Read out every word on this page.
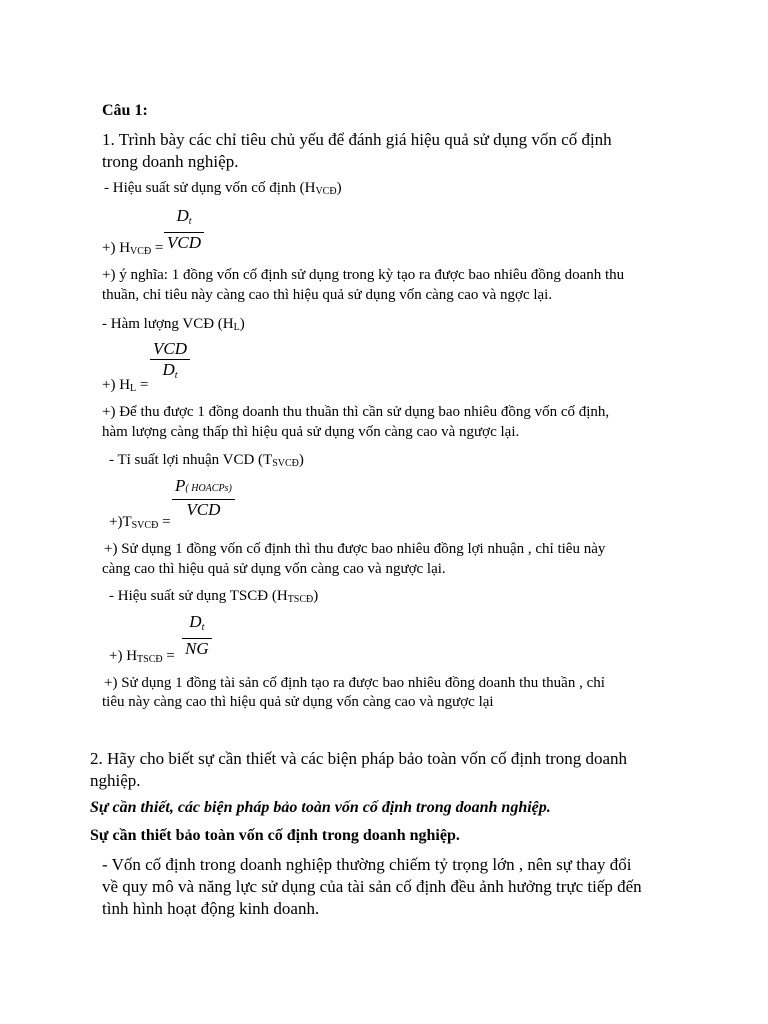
Câu 1:
1. Trình bày các chỉ tiêu chủ yếu để đánh giá hiệu quả sử dụng vốn cố định
trong doanh nghiệp.
- Hiệu suất sử dụng vốn cố định $(H_{VCĐ})$
Dt
VCD
+) $H_{VCĐ}$ =
+) ý nghĩa: 1 đồng vốn cố định sử dụng trong kỳ tạo ra được bao nhiêu đồng doanh thu
thuần, chỉ tiêu này càng cao thì hiệu quả sử dụng vốn càng cao và ngợc lại.
- Hàm lượng VCĐ $(H_L)$
VCD
Dt
+) $H_L$ =
+) Để thu được 1 đồng doanh thu thuần thì cần sử dụng bao nhiêu đồng vốn cố định,
hàm lượng càng thấp thì hiệu quả sử dụng vốn càng cao và ngược lại.
- Tỉ suất lợi nhuận VCD $(T_{SVCĐ})$
P( HOACPs)
VCD
$+)T_{SVCĐ}$ =
+) Sử dụng 1 đồng vốn cố định thì thu được bao nhiêu đồng lợi nhuận , chỉ tiêu này
càng cao thì hiệu quả sử dụng vốn càng cao và ngược lại.
- Hiệu suất sử dụng TSCĐ $(H_{TSCĐ})$
Dt
NG
+) $H_{TSCĐ}$ =
+) Sử dụng 1 đồng tài sản cố định tạo ra được bao nhiêu đồng doanh thu thuần , chỉ
tiêu này càng cao thì hiệu quả sử dụng vốn càng cao và ngược lại
2. Hãy cho biết sự cần thiết và các biện pháp bảo toàn vốn cố định trong doanh
nghiệp.
Sự cần thiết, các biện pháp bảo toàn vốn cố định trong doanh nghiệp.
Sự cần thiết bảo toàn vốn cố định trong doanh nghiệp.
- Vốn cố định trong doanh nghiệp thường chiếm tỷ trọng lớn , nên sự thay đổi
về quy mô và năng lực sử dụng của tài sản cố định đều ảnh hưởng trực tiếp đến
tình hình hoạt động kinh doanh.
